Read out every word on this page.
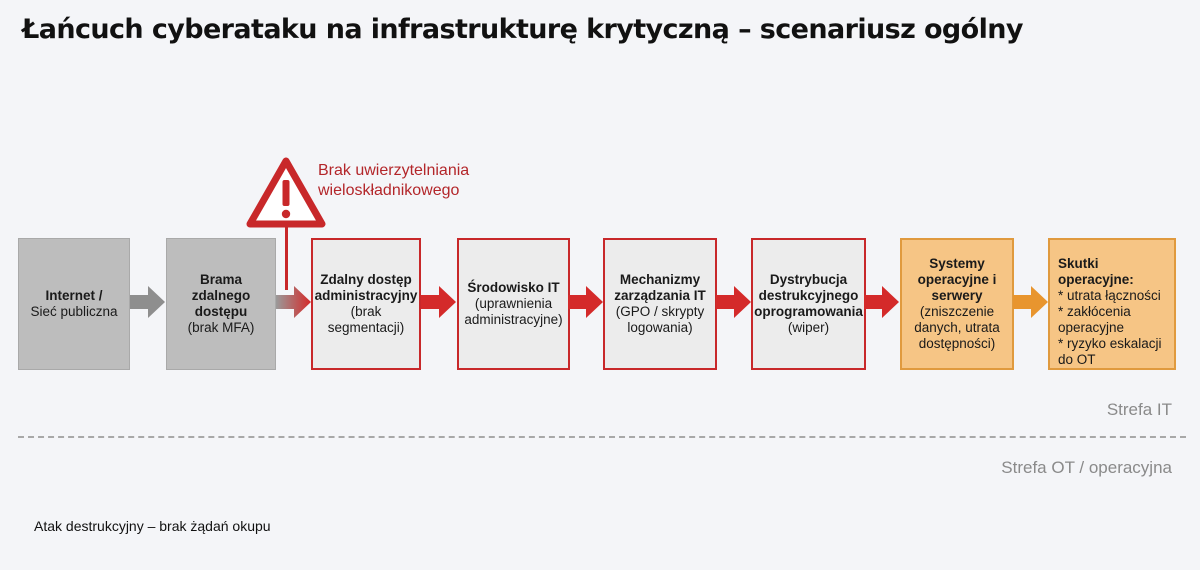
Łańcuch cyberataku na infrastrukturę krytyczną – scenariusz ogólny
Brak uwierzytelniania
wieloskładnikowego
Internet /
Sieć publiczna
Brama
zdalnego
dostępu
(brak MFA)
Zdalny dostęp
administracyjny
(brak
segmentacji)
Środowisko IT
(uprawnienia
administracyjne)
Mechanizmy
zarządzania IT
(GPO / skrypty
logowania)
Dystrybucja
destrukcyjnego
oprogramowania
(wiper)
Systemy
operacyjne i
serwery
(zniszczenie
danych, utrata
dostępności)
Skutki operacyjne:
* utrata łączności
* zakłócenia
operacyjne
* ryzyko eskalacji
do OT
Strefa IT
Strefa OT / operacyjna
Atak destrukcyjny – brak żądań okupu
